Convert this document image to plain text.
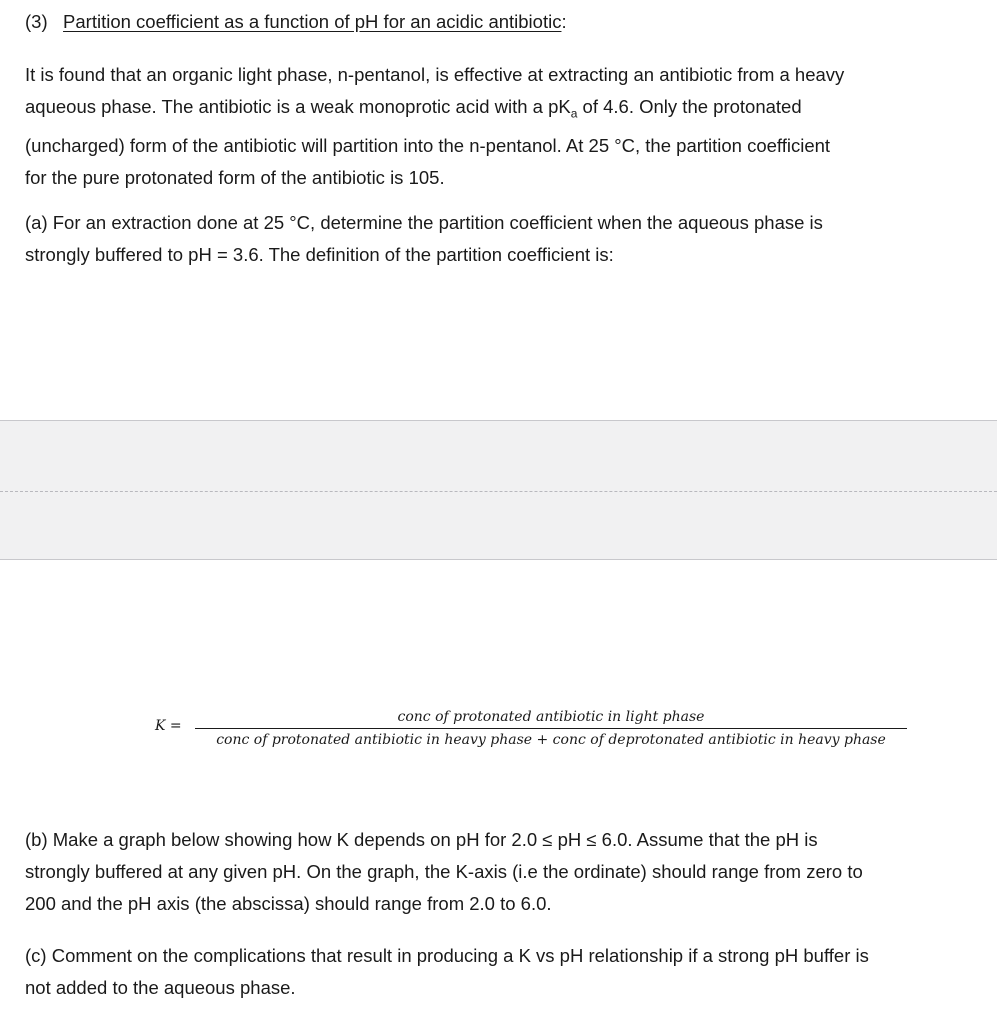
(3) Partition coefficient as a function of pH for an acidic antibiotic:
It is found that an organic light phase, n-pentanol, is effective at extracting an antibiotic from a heavy
aqueous phase. The antibiotic is a weak monoprotic acid with a $pK_a$ of 4.6. Only the protonated
(uncharged) form of the antibiotic will partition into the n-pentanol. At 25 °C, the partition coefficient
for the pure protonated form of the antibiotic is 105.
(a) For an extraction done at 25 °C, determine the partition coefficient when the aqueous phase is
strongly buffered to pH = 3.6. The definition of the partition coefficient is:
K =
conc of protonated antibiotic in light phase
conc of protonated antibiotic in heavy phase + conc of deprotonated antibiotic in heavy phase
(b) Make a graph below showing how K depends on pH for 2.0 ≤ pH ≤ 6.0. Assume that the pH is
strongly buffered at any given pH. On the graph, the K-axis (i.e the ordinate) should range from zero to
200 and the pH axis (the abscissa) should range from 2.0 to 6.0.
(c) Comment on the complications that result in producing a K vs pH relationship if a strong pH buffer is
not added to the aqueous phase.
